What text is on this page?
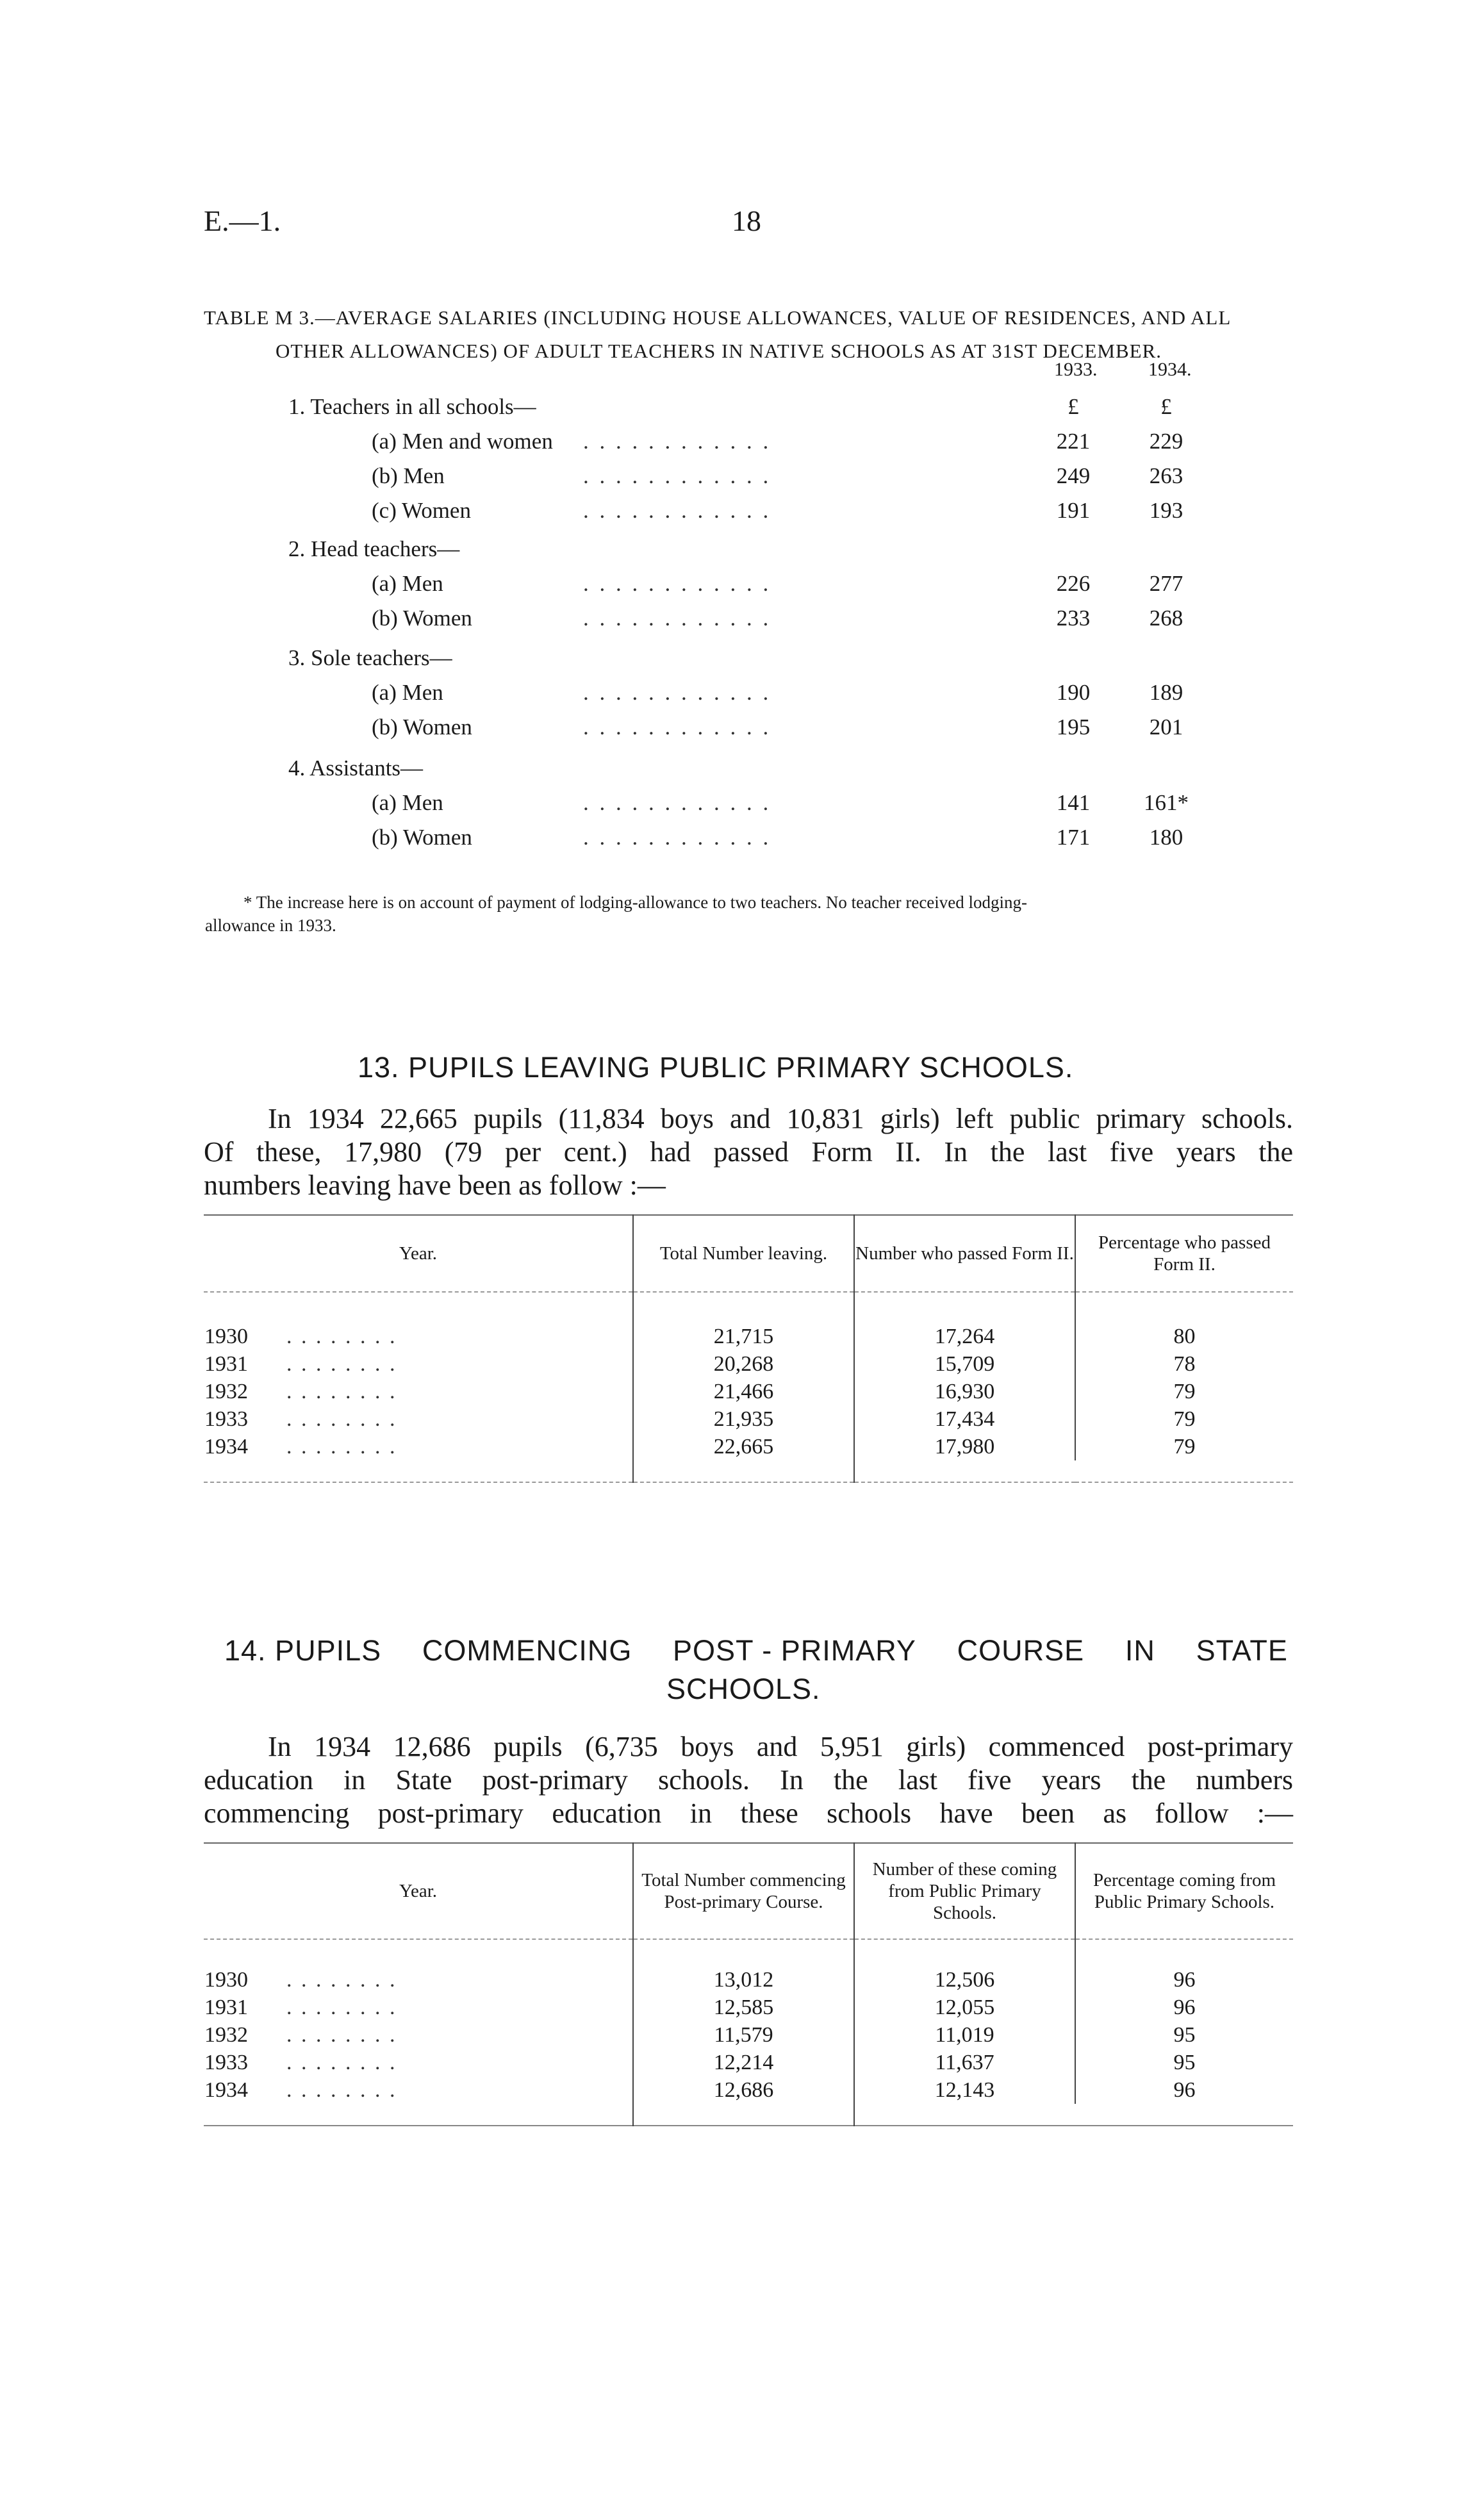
E.—1.	18
TABLE M 3.—AVERAGE SALARIES (INCLUDING HOUSE ALLOWANCES, VALUE OF RESIDENCES, AND ALL
OTHER ALLOWANCES) OF ADULT TEACHERS IN NATIVE SCHOOLS AS AT 31ST DECEMBER.
1933.	1934.
1. Teachers in all schools—	£	£
(a) Men and women . . . . . . . . . . . .	221	229
(b) Men	. . . . . . . . . . . .	249	263
(c) Women	. . . . . . . . . . . .	191	193
2. Head teachers—
(a) Men	. . . . . . . . . . . .	226	277
(b) Women	. . . . . . . . . . . .	233	268
3. Sole teachers—
(a) Men	. . . . . . . . . . . .	190	189
(b) Women	. . . . . . . . . . . .	195	201
4. Assistants—
(a) Men	. . . . . . . . . . . .	141	161*
(b) Women	. . . . . . . . . . . .	171	180
* The increase here is on account of payment of lodging-allowance to two teachers. No teacher received lodging-
allowance in 1933.
13. PUPILS LEAVING PUBLIC PRIMARY SCHOOLS.
In 1934 22,665 pupils (11,834 boys and 10,831 girls) left public primary schools.
Of these, 17,980 (79 per cent.) had passed Form II. In the last five years the
numbers leaving have been as follow :—
Year.	Total Number leaving.	Number who passed Form II.	Percentage who passed Form II.

1930 . . . . . . . .	21,715	17,264	80
1931 . . . . . . . .	20,268	15,709	78
1932 . . . . . . . .	21,466	16,930	79
1933 . . . . . . . .	21,935	17,434	79
1934 . . . . . . . .	22,665	17,980	79

14. PUPILS COMMENCING POST - PRIMARY COURSE IN STATE
SCHOOLS.
In 1934 12,686 pupils (6,735 boys and 5,951 girls) commenced post-primary
education in State post-primary schools. In the last five years the numbers
commencing post-primary education in these schools have been as follow :—
Year.	Total Number commencing Post-primary Course.	Number of these coming from Public Primary Schools.	Percentage coming from Public Primary Schools.

1930 . . . . . . . .	13,012	12,506	96
1931 . . . . . . . .	12,585	12,055	96
1932 . . . . . . . .	11,579	11,019	95
1933 . . . . . . . .	12,214	11,637	95
1934 . . . . . . . .	12,686	12,143	96
